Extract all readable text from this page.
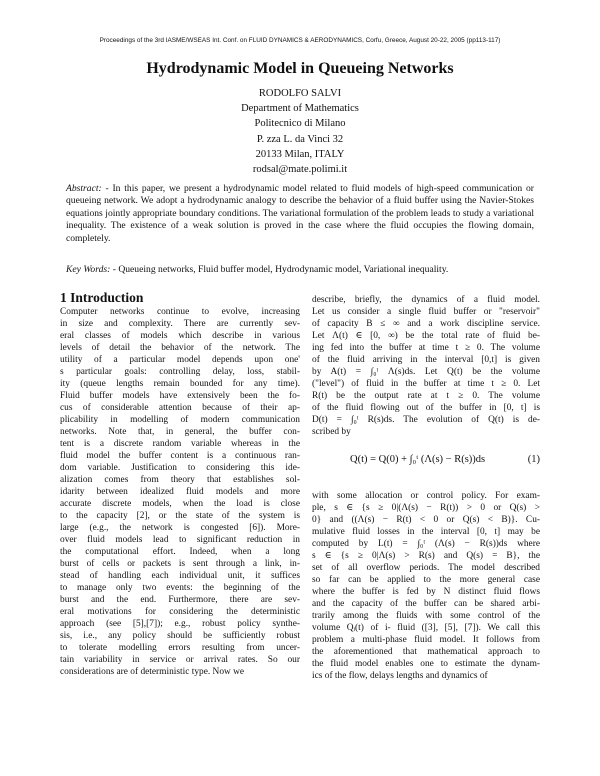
Proceedings of the 3rd IASME/WSEAS Int. Conf. on FLUID DYNAMICS & AERODYNAMICS, Corfu, Greece, August 20-22, 2005 (pp113-117)
Hydrodynamic Model in Queueing Networks
RODOLFO SALVI
Department of Mathematics
Politecnico di Milano
P. zza L. da Vinci 32
20133 Milan, ITALY
rodsal@mate.polimi.it
Abstract: - In this paper, we present a hydrodynamic model related to fluid models of high-speed communication or queueing network. We adopt a hydrodynamic analogy to describe the behavior of a fluid buffer using the Navier-Stokes equations jointly appropriate boundary conditions. The variational formulation of the problem leads to study a variational inequality. The existence of a weak solution is proved in the case where the fluid occupies the flowing domain, completely.
Key Words: - Queueing networks, Fluid buffer model, Hydrodynamic model, Variational inequality.
1 Introduction
Computer networks continue to evolve, increasing
in size and complexity. There are currently sev-
eral classes of models which describe in various
levels of detail the behavior of the network. The
utility of a particular model depends upon one'
s particular goals: controlling delay, loss, stabil-
ity (queue lengths remain bounded for any time).
Fluid buffer models have extensively been the fo-
cus of considerable attention because of their ap-
plicability in modelling of modern communication
networks. Note that, in general, the buffer con-
tent is a discrete random variable whereas in the
fluid model the buffer content is a continuous ran-
dom variable. Justification to considering this ide-
alization comes from theory that establishes sol-
idarity between idealized fluid models and more
accurate discrete models, when the load is close
to the capacity [2], or the state of the system is
large (e.g., the network is congested [6]). More-
over fluid models lead to significant reduction in
the computational effort. Indeed, when a long
burst of cells or packets is sent through a link, in-
stead of handling each individual unit, it suffices
to manage only two events: the beginning of the
burst and the end. Furthermore, there are sev-
eral motivations for considering the deterministic
approach (see [5],[7]); e.g., robust policy synthe-
sis, i.e., any policy should be sufficiently robust
to tolerate modelling errors resulting from uncer-
tain variability in service or arrival rates. So our
considerations are of deterministic type. Now we
describe, briefly, the dynamics of a fluid model.
Let us consider a single fluid buffer or "reservoir"
of capacity B ≤ ∞ and a work discipline service.
Let Λ(t) ∈ [0, ∞) be the total rate of fluid be-
ing fed into the buffer at time t ≥ 0. The volume
of the fluid arriving in the interval [0,t] is given
by A(t) = ∫₀ᵗ Λ(s)ds. Let Q(t) be the volume
("level") of fluid in the buffer at time t ≥ 0. Let
R(t) be the output rate at t ≥ 0. The volume
of the fluid flowing out of the buffer in [0, t] is
D(t) = ∫₀ᵗ R(s)ds. The evolution of Q(t) is de-
scribed by
Q(t) = Q(0) + ∫₀ᵗ (Λ(s) − R(s))ds	(1)
with some allocation or control policy. For exam-
ple, s ∈ {s ≥ 0|(Λ(s) − R(t)) > 0 or Q(s) >
0} and ((Λ(s) − R(t) < 0 or Q(s) < B)}. Cu-
mulative fluid losses in the interval [0, t] may be
computed by L(t) = ∫₀ᵗ (Λ(s) − R(s))ds where
s ∈ {s ≥ 0|Λ(s) > R(s) and Q(s) = B}, the
set of all overflow periods. The model described
so far can be applied to the more general case
where the buffer is fed by N distinct fluid flows
and the capacity of the buffer can be shared arbi-
trarily among the fluids with some control of the
volume Qᵢ(t) of i- fluid ([3], [5], [7]). We call this
problem a multi-phase fluid model. It follows from
the aforementioned that mathematical approach to
the fluid model enables one to estimate the dynam-
ics of the flow, delays lengths and dynamics of
